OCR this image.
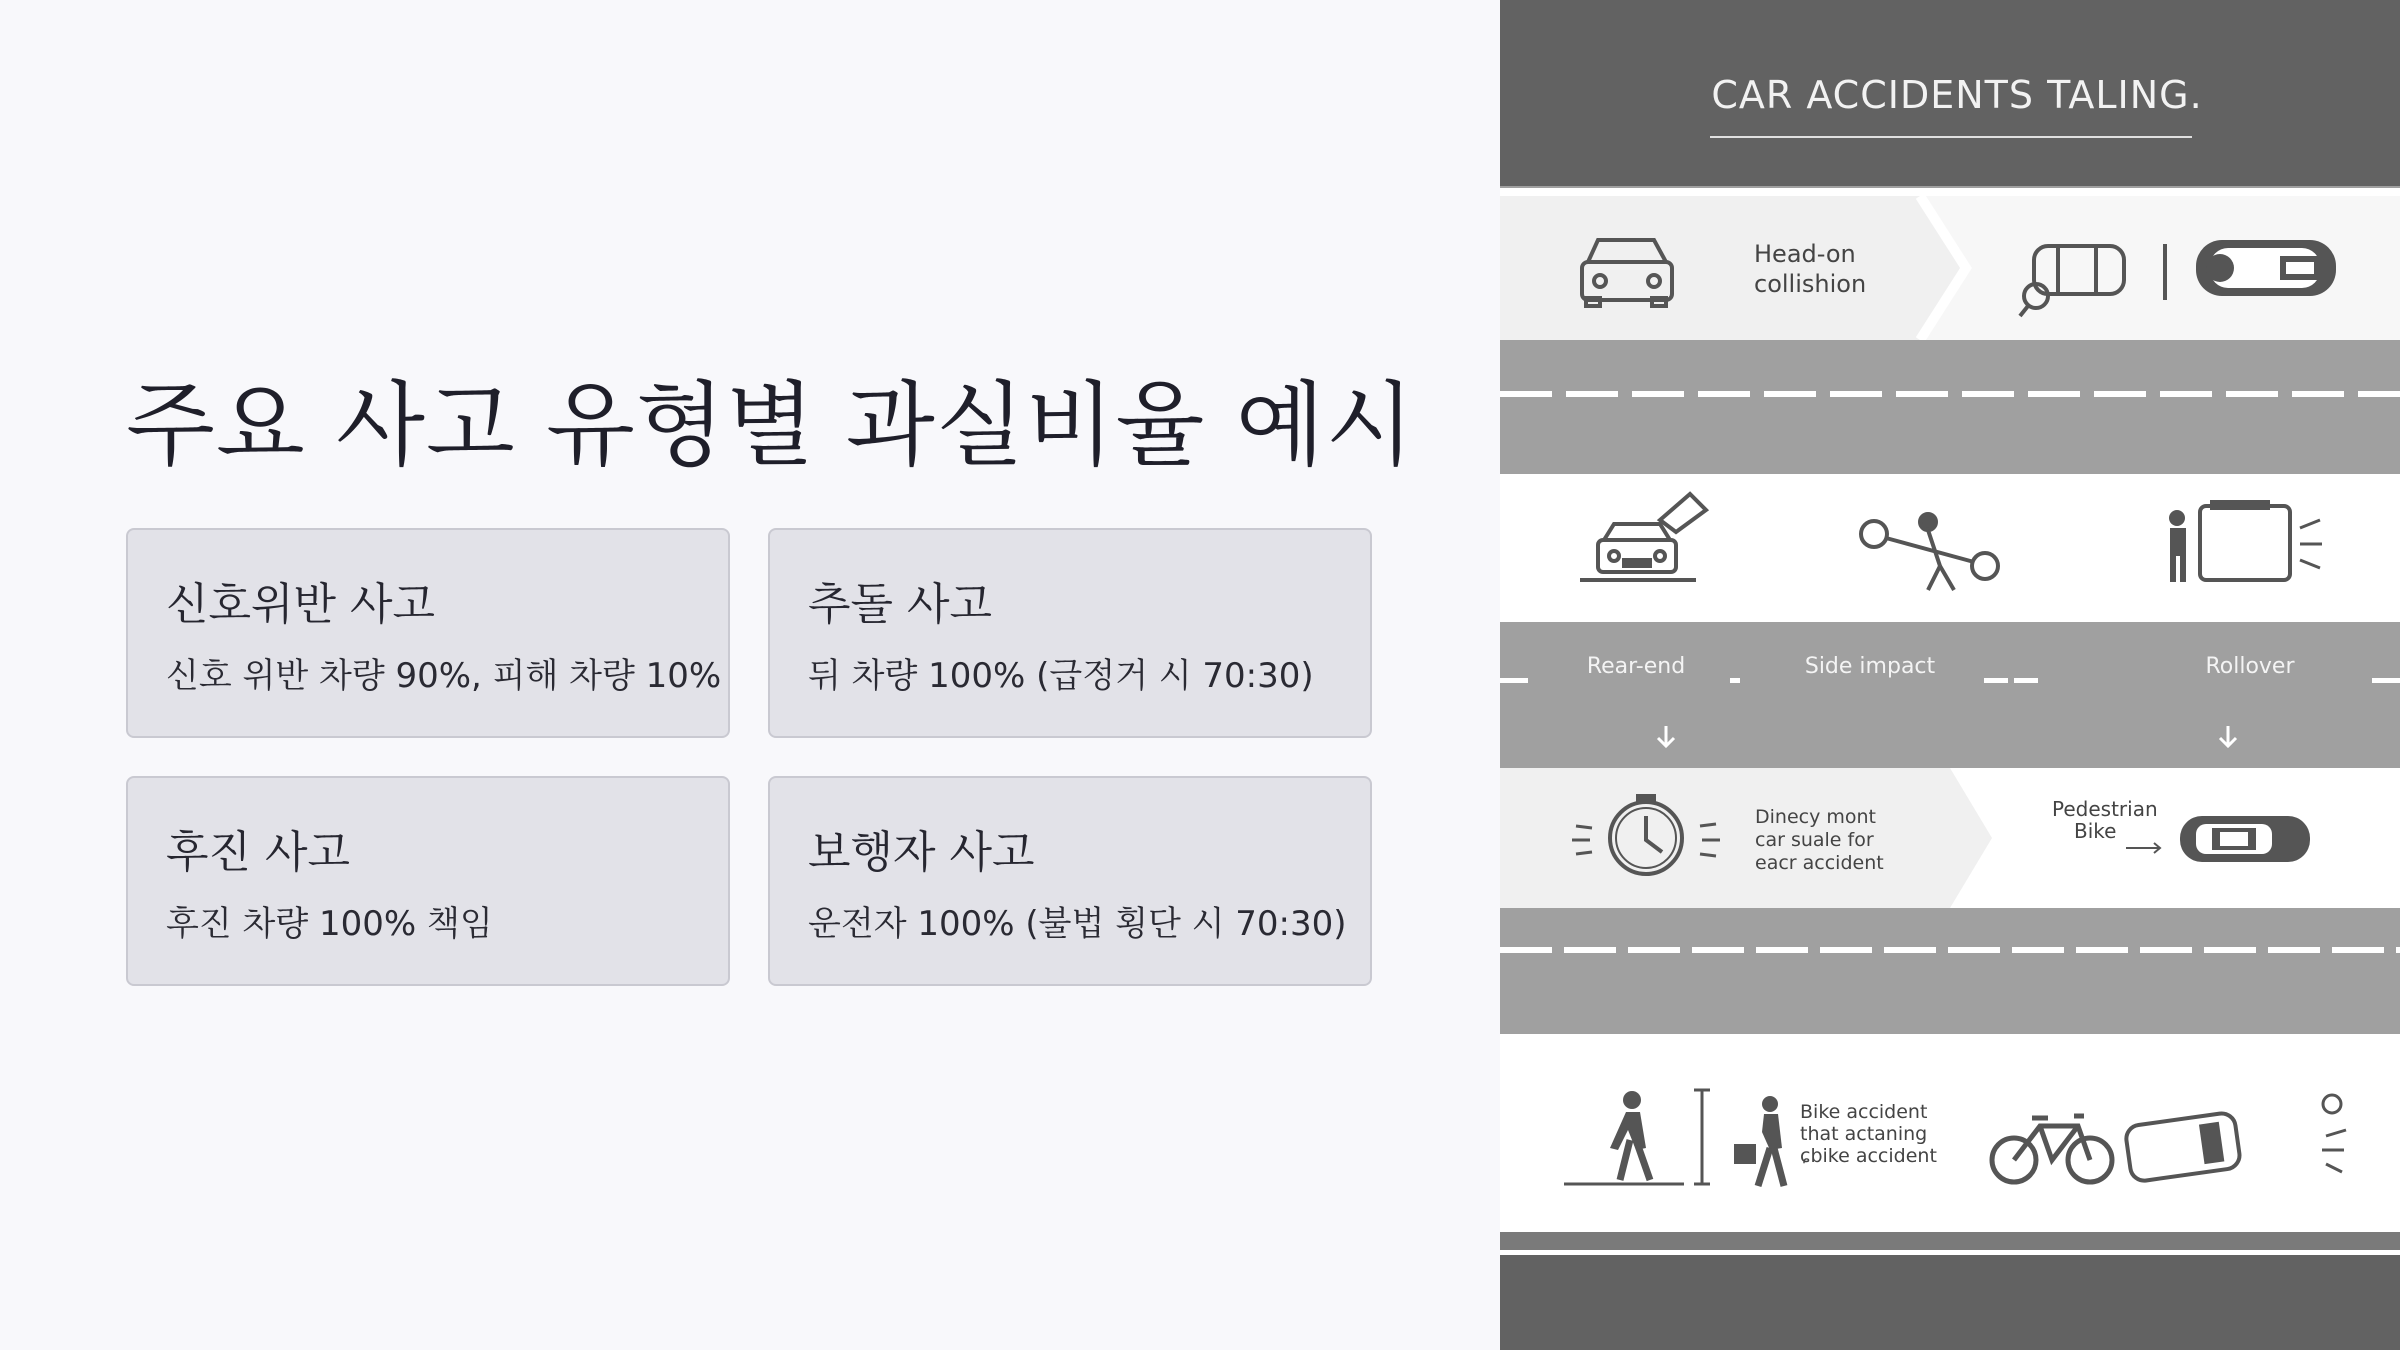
주요 사고 유형별 과실비율 예시
신호위반 사고
신호 위반 차량 90%, 피해 차량 10%
추돌 사고
뒤 차량 100% (급정거 시 70:30)
후진 사고
후진 차량 100% 책임
보행자 사고
운전자 100% (불법 횡단 시 70:30)
CAR ACCIDENTS TALING.
Head-on collishion
Rear-end	Side impact	Rollover
Dinecy mont car suale for eacr accident
Pedestrian Bike
Bike accident that actaning ɕbike accident
